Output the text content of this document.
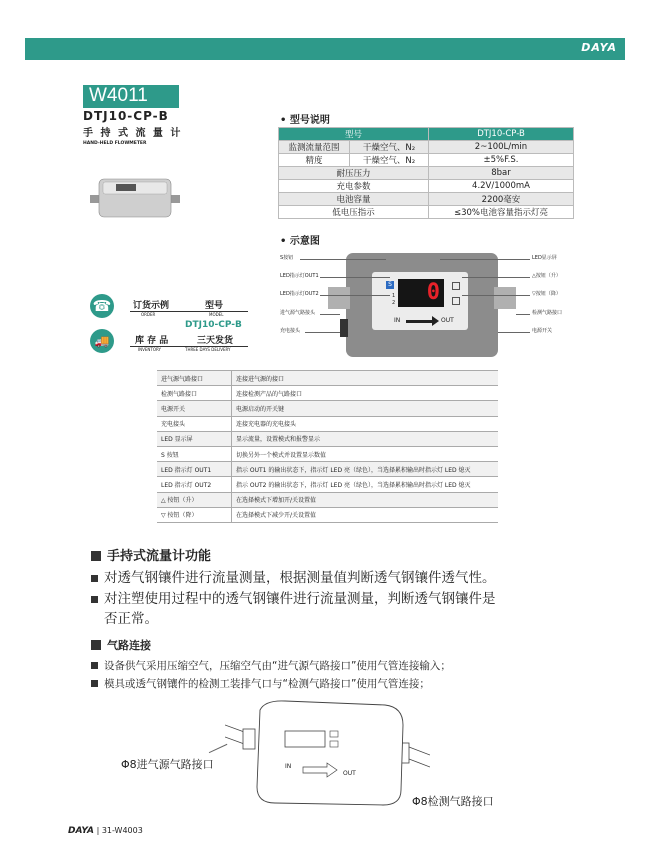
DAYA
W4011
DTJ10-CP-B
手 持 式 流 量 计
HAND-HELD FLOWMETER
☎
🚚
订货示例	型号
ORDER	MODEL
DTJ10-CP-B
库 存 品	三天发货
INVENTORY	THREE DAYS DELIVERY
• 型号说明
型号		DTJ10-CP-B
监测流量范围	干燥空气、N₂	2~100L/min
精度	干燥空气、N₂	±5%F.S.
耐压压力		8bar
充电参数		4.2V/1000mA
电池容量		2200毫安
低电压指示		≤30%电池容量指示灯亮
• 示意图
S
1
2	0
IN	OUT
S按钮
LED指示灯OUT1
LED指示灯OUT2
进气源气路接头
充电接头
LED显示屏
△按钮（升）
▽按钮（降）
检测气路接口
电源开关
进气源气路接口	连接进气源的接口
检测气路接口	连接检测产品的气路接口
电源开关	电源启动的开关键
充电接头	连接充电器的充电接头
LED 显示屏	显示流量，设置模式和报警显示
S 按钮	切换另外一个模式并设置显示数值
LED 指示灯 OUT1	指示 OUT1 的输出状态下，指示灯 LED 亮（绿色），当选择累积输出时指示灯 LED 熄灭
LED 指示灯 OUT2	指示 OUT2 的输出状态下，指示灯 LED 亮（绿色），当选择累积输出时指示灯 LED 熄灭
△ 按钮（升）	在选择模式下增加开/关设置值
▽ 按钮（降）	在选择模式下减少开/关设置值
手持式流量计功能
对透气钢镶件进行流量测量，根据测量值判断透气钢镶件透气性。
对注塑使用过程中的透气钢镶件进行流量测量，判断透气钢镶件是
否正常。
气路连接
设备供气采用压缩空气，压缩空气由“进气源气路接口”使用气管连接输入；
模具或透气钢镶件的检测工装排气口与“检测气路接口”使用气管连接；
IN
OUT
Φ8进气源气路接口
Φ8检测气路接口
DAYA | 31-W4003
